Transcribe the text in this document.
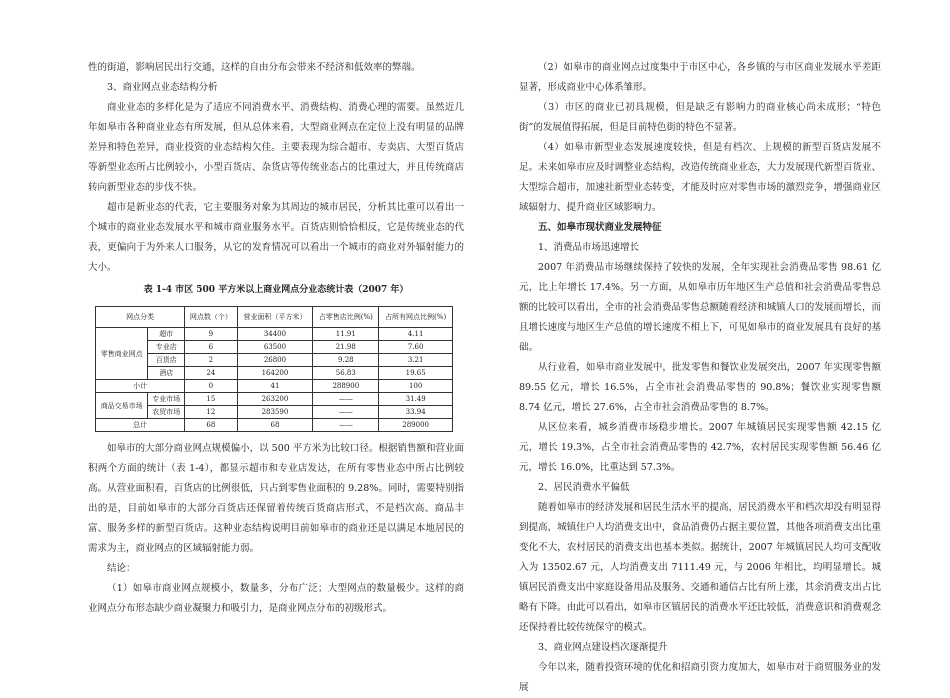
性的街道，影响居民出行交通，这样的自由分布会带来不经济和低效率的弊端。

3、商业网点业态结构分析

商业业态的多样化是为了适应不同消费水平、消费结构、消费心理的需要。虽然近几年如皋市各种商业业态有所发展，但从总体来看，大型商业网点在定位上没有明显的品牌差异和特色差异，商业投资的业态结构欠佳。主要表现为综合超市、专卖店、大型百货店等新型业态所占比例较小，小型百货店、杂货店等传统业态占的比重过大，并且传统商店转向新型业态的步伐不快。

超市是新业态的代表，它主要服务对象为其周边的城市居民，分析其比重可以看出一个城市的商业业态发展水平和城市商业服务水平。百货店则恰恰相反，它是传统业态的代表，更偏向于为外来人口服务，从它的发育情况可以看出一个城市的商业对外辐射能力的大小。

表 1-4 市区 500 平方米以上商业网点分业态统计表（2007 年）
网点分类		网点数（个）	营业面积（平方米）	占零售店比例(%)	占所有网点比例(%)
零售商业网点	超市	9	34400	11.91	4.11
	专业店	6	63500	21.98	7.60
	百货店	2	26800	9.28	3.21
	酒店	24	164200	56.83	19.65
小计		0	41	288900	100
商品交易市场	专业市场	15	263200	——	31.49
	农贸市场	12	283590	——	33.94
总计		68	68	——	289000

如皋市的大部分商业网点规模偏小，以 500 平方米为比较口径。根据销售额和营业面积两个方面的统计（表 1-4），都显示超市和专业店发达，在所有零售业态中所占比例较高。从营业面积看，百货店的比例很低，只占到零售业面积的 9.28%。同时，需要特别指出的是，目前如皋市的大部分百货店还保留着传统百货商店形式，不是档次高、商品丰富、服务多样的新型百货店。这种业态结构说明目前如皋市的商业还是以满足本地居民的需求为主，商业网点的区域辐射能力弱。

结论：

（1）如皋市商业网点规模小，数量多，分布广泛；大型网点的数量极少。这样的商业网点分布形态缺少商业凝聚力和吸引力，是商业网点分布的初级形式。

（2）如皋市的商业网点过度集中于市区中心，各乡镇的与市区商业发展水平差距显著，形成商业中心体系雏形。

（3）市区的商业已初具规模，但是缺乏有影响力的商业核心尚未成形；“特色街”的发展值得拓展，但是目前特色街的特色不显著。

（4）如皋市新型业态发展速度较快，但是有档次、上规模的新型百货店发展不足。未来如皋市应及时调整业态结构，改造传统商业业态，大力发展现代新型百货业、大型综合超市，加速社新型业态转变，才能及时应对零售市场的激烈竞争，增强商业区域辐射力、提升商业区域影响力。

五、如皋市现状商业发展特征

1、消费品市场迅速增长

2007 年消费品市场继续保持了较快的发展，全年实现社会消费品零售 98.61 亿元，比上年增长 17.4%。另一方面，从如皋市历年地区生产总值和社会消费品零售总额的比较可以看出，全市的社会消费品零售总额随着经济和城镇人口的发展而增长，而且增长速度与地区生产总值的增长速度不相上下，可见如皋市的商业发展具有良好的基础。

从行业看，如皋市商业发展中，批发零售和餐饮业发展突出，2007 年实现零售额 89.55 亿元，增长 16.5%，占全市社会消费品零售的 90.8%；餐饮业实现零售额 8.74 亿元，增长 27.6%，占全市社会消费品零售的 8.7%。

从区位来看，城乡消费市场稳步增长。2007 年城镇居民实现零售额 42.15 亿元，增长 19.3%，占全市社会消费品零售的 42.7%，农村居民实现零售额 56.46 亿元，增长 16.0%，比重达到 57.3%。

2、居民消费水平偏低

随着如皋市的经济发展和居民生活水平的提高，居民消费水平和档次却没有明显得到提高，城镇住户人均消费支出中，食品消费仍占据主要位置，其他各项消费支出比重变化不大，农村居民的消费支出也基本类似。据统计，2007 年城镇居民人均可支配收入为 13502.67 元，人均消费支出 7111.49 元，与 2006 年相比，均明显增长。城镇居民消费支出中家庭设备用品及服务、交通和通信占比有所上涨，其余消费支出占比略有下降。由此可以看出，如皋市区镇居民的消费水平还比较低，消费意识和消费观念还保持着比较传统保守的模式。

3、商业网点建设档次逐渐提升

今年以来，随着投资环境的优化和招商引资力度加大，如皋市对于商贸服务业的发展
